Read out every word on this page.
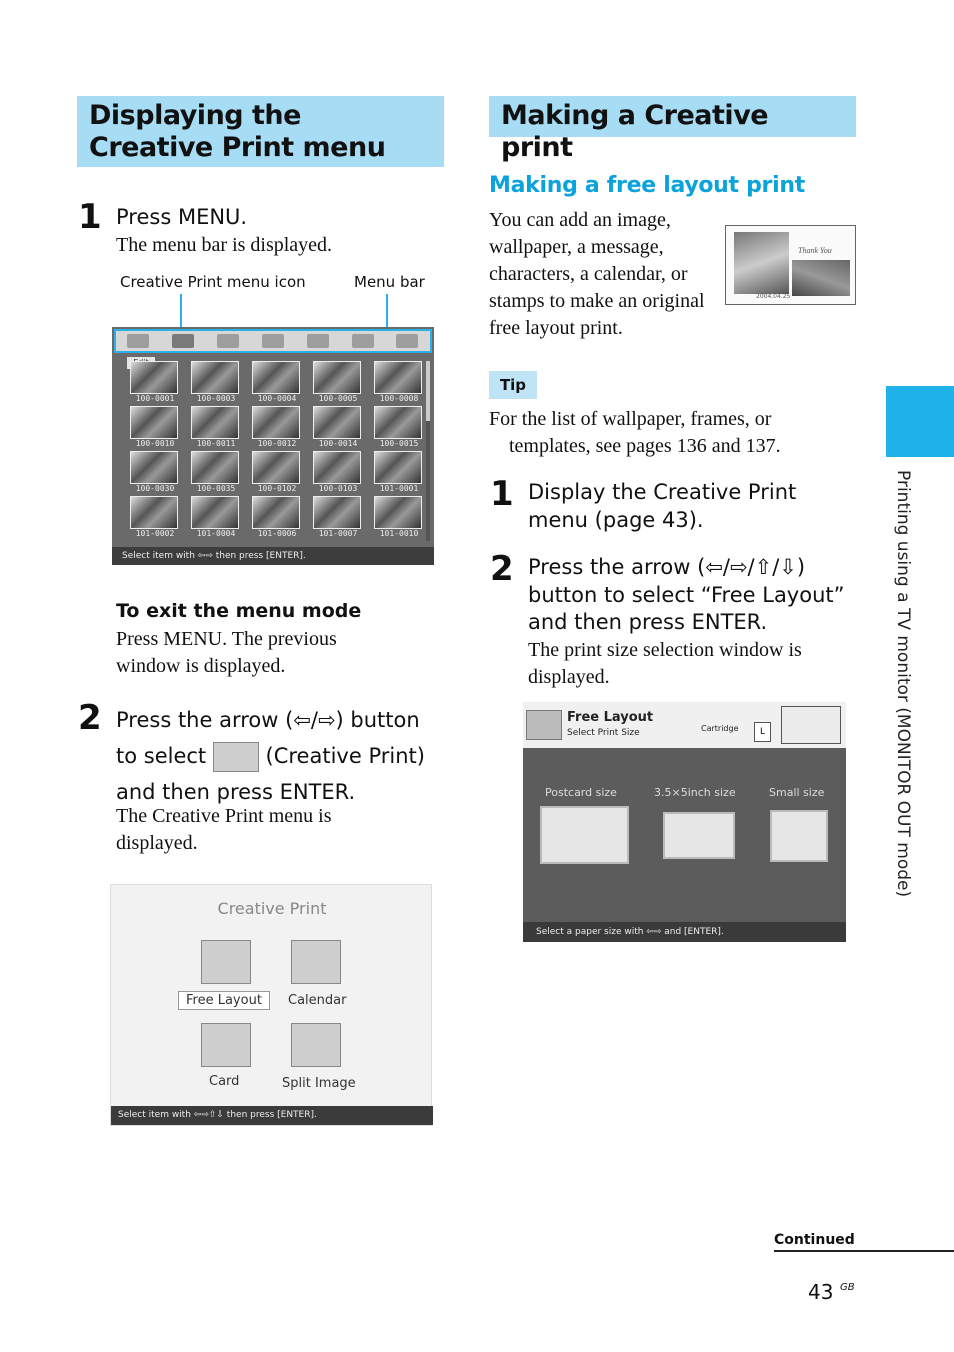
Displaying the Creative Print menu
1 Press MENU.
The menu bar is displayed.
Creative Print menu icon	Menu bar
100-0001	100-0003	100-0004	100-0005	100-0008
100-0010	100-0011	100-0012	100-0014	100-0015
100-0030	100-0035	100-0102	100-0103	101-0001
101-0002	101-0004	101-0006	101-0007	101-0010
Select item with ⇦⇨ then press [ENTER].
To exit the menu mode
Press MENU. The previous window is displayed.
2 Press the arrow (⇦/⇨) button
to select	(Creative Print)
and then press ENTER.
The Creative Print menu is displayed.
Creative Print
Free Layout	Calendar
Card	Split Image
Select item with ⇦⇨⇧⇩ then press [ENTER].
Making a Creative print
Making a free layout print
You can add an image, wallpaper, a message, characters, a calendar, or stamps to make an original free layout print.
Thank You
2004.04.25
Tip
For the list of wallpaper, frames, or templates, see pages 136 and 137.
1 Display the Creative Print menu (page 43).
2 Press the arrow (⇦/⇨/⇧/⇩)
button to select “Free Layout”
and then press ENTER.
The print size selection window is displayed.
Free Layout
Select Print Size	Cartridge	L
Postcard size	3.5×5inch size	Small size
Select a paper size with ⇦⇨ and [ENTER].
Printing using a TV monitor (MONITOR OUT mode)
Continued
43 GB
